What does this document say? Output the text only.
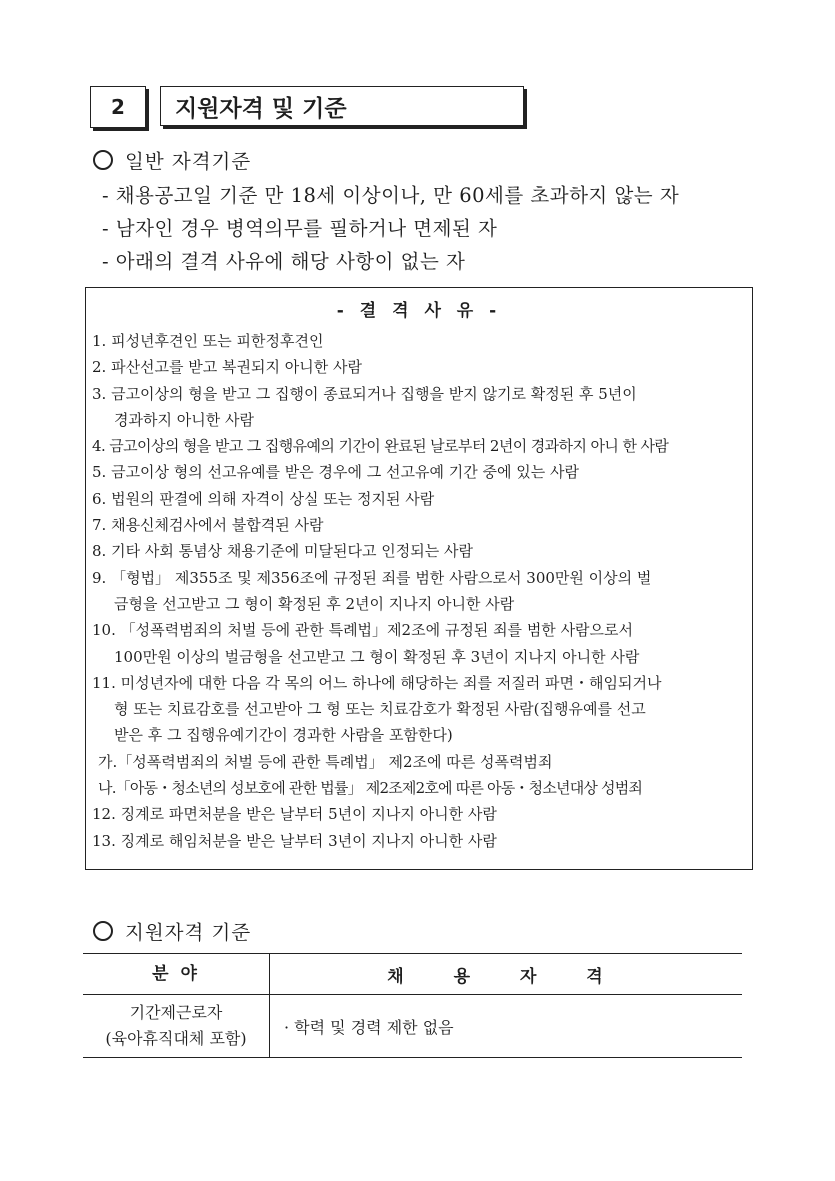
2	지원자격 및 기준
일반 자격기준
- 채용공고일 기준 만 18세 이상이나, 만 60세를 초과하지 않는 자
- 남자인 경우 병역의무를 필하거나 면제된 자
- 아래의 결격 사유에 해당 사항이 없는 자
- 결 격 사 유 -
1. 피성년후견인 또는 피한정후견인
2. 파산선고를 받고 복권되지 아니한 사람
3. 금고이상의 형을 받고 그 집행이 종료되거나 집행을 받지 않기로 확정된 후 5년이
경과하지 아니한 사람
4. 금고이상의 형을 받고 그 집행유예의 기간이 완료된 날로부터 2년이 경과하지 아니 한 사람
5. 금고이상 형의 선고유예를 받은 경우에 그 선고유예 기간 중에 있는 사람
6. 법원의 판결에 의해 자격이 상실 또는 정지된 사람
7. 채용신체검사에서 불합격된 사람
8. 기타 사회 통념상 채용기준에 미달된다고 인정되는 사람
9. 「형법」 제355조 및 제356조에 규정된 죄를 범한 사람으로서 300만원 이상의 벌
금형을 선고받고 그 형이 확정된 후 2년이 지나지 아니한 사람
10. 「성폭력범죄의 처벌 등에 관한 특례법」제2조에 규정된 죄를 범한 사람으로서
100만원 이상의 벌금형을 선고받고 그 형이 확정된 후 3년이 지나지 아니한 사람
11. 미성년자에 대한 다음 각 목의 어느 하나에 해당하는 죄를 저질러 파면・해임되거나
형 또는 치료감호를 선고받아 그 형 또는 치료감호가 확정된 사람(집행유예를 선고
받은 후 그 집행유예기간이 경과한 사람을 포함한다)
가.「성폭력범죄의 처벌 등에 관한 특례법」 제2조에 따른 성폭력범죄
나.「아동・청소년의 성보호에 관한 법률」 제2조제2호에 따른 아동・청소년대상 성범죄
12. 징계로 파면처분을 받은 날부터 5년이 지나지 아니한 사람
13. 징계로 해임처분을 받은 날부터 3년이 지나지 아니한 사람
지원자격 기준
분 야	채 용 자 격

기간제근로자
(육아휴직대체 포함)	· 학력 및 경력 제한 없음
